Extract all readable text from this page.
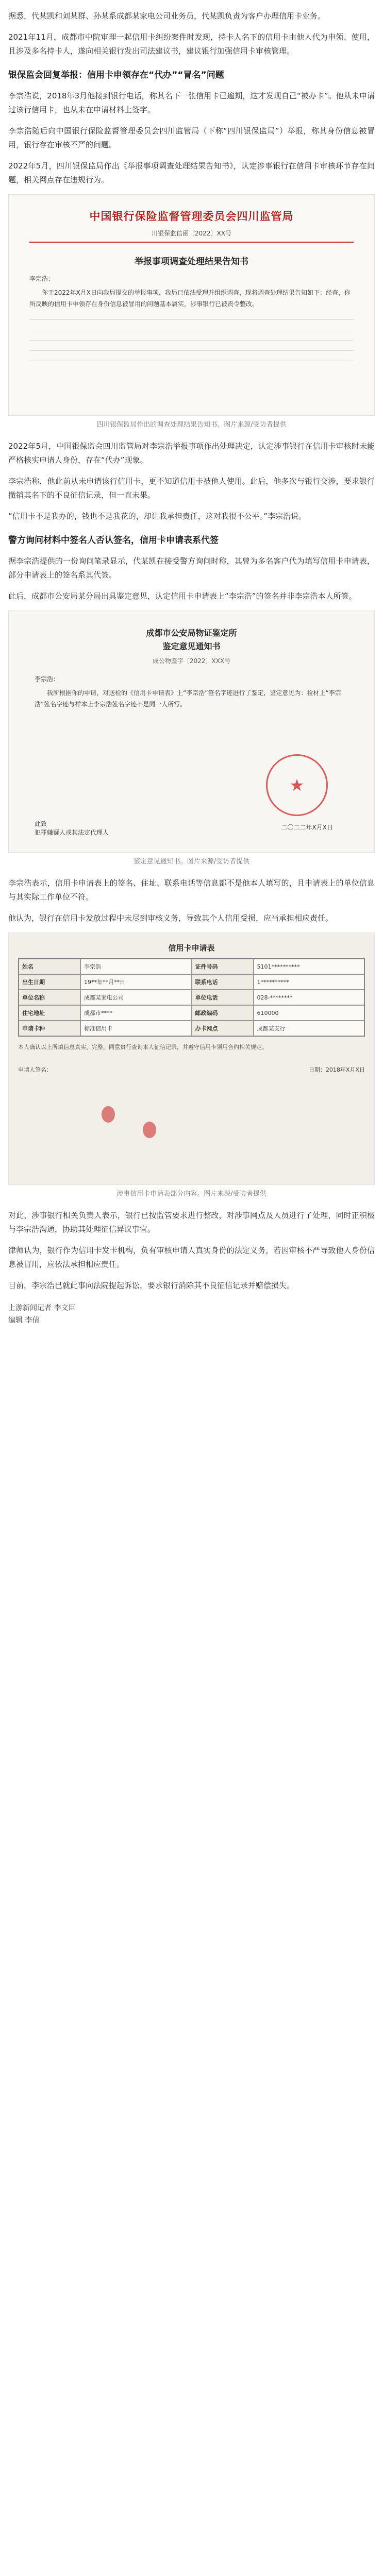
据悉，代某凯和刘某群、孙某系成都某家电公司业务员，代某凯负责为客户办理信用卡业务。

2021年11月，成都市中院审理一起信用卡纠纷案件时发现，持卡人名下的信用卡由他人代为申领、使用，且涉及多名持卡人，遂向相关银行发出司法建议书，建议银行加强信用卡审核管理。

银保监会回复举报：信用卡申领存在“代办”“冒名”问题

李宗浩说，2018年3月他接到银行电话，称其名下一张信用卡已逾期，这才发现自己“被办卡”。他从未申请过该行信用卡，也从未在申请材料上签字。

李宗浩随后向中国银行保险监督管理委员会四川监管局（下称“四川银保监局”）举报，称其身份信息被冒用，银行存在审核不严的问题。

2022年5月，四川银保监局作出《举报事项调查处理结果告知书》，认定涉事银行在信用卡审核环节存在问题，相关网点存在违规行为。

中国银行保险监督管理委员会四川监管局
川银保监信函〔2022〕XX号
举报事项调查处理结果告知书
李宗浩：
你于2022年X月X日向我局提交的举报事项，我局已依法受理并组织调查，现将调查处理结果告知如下：经查，你所反映的信用卡申领存在身份信息被冒用的问题基本属实，涉事银行已被责令整改。
四川银保监局作出的调查处理结果告知书。图片来源/受访者提供

2022年5月，中国银保监会四川监管局对李宗浩举报事项作出处理决定，认定涉事银行在信用卡审核时未能严格核实申请人身份，存在“代办”现象。

李宗浩称，他此前从未申请该行信用卡，更不知道信用卡被他人使用。此后，他多次与银行交涉，要求银行撤销其名下的不良征信记录，但一直未果。

“信用卡不是我办的，钱也不是我花的，却让我承担责任，这对我很不公平。”李宗浩说。

警方询问材料中签名人否认签名，信用卡申请表系代签

据李宗浩提供的一份询问笔录显示，代某凯在接受警方询问时称，其曾为多名客户代为填写信用卡申请表，部分申请表上的签名系其代签。

此后，成都市公安局某分局出具鉴定意见，认定信用卡申请表上“李宗浩”的签名并非李宗浩本人所签。

成都市公安局物证鉴定所
鉴定意见通知书
成公物鉴字〔2022〕XXX号
李宗浩：
我所根据你的申请，对送检的《信用卡申请表》上“李宗浩”签名字迹进行了鉴定，鉴定意见为：检材上“李宗浩”签名字迹与样本上李宗浩签名字迹不是同一人所写。
★
二〇二二年X月X日
此致
犯罪嫌疑人或其法定代理人
鉴定意见通知书。图片来源/受访者提供

李宗浩表示，信用卡申请表上的签名、住址、联系电话等信息都不是他本人填写的，且申请表上的单位信息与其实际工作单位不符。

他认为，银行在信用卡发放过程中未尽到审核义务，导致其个人信用受损，应当承担相应责任。

信用卡申请表
姓名	李宗浩	证件号码	5101**********
出生日期	19**年**月**日	联系电话	1**********
单位名称	成都某家电公司	单位电话	028-********
住宅地址	成都市****	邮政编码	610000
申请卡种	标准信用卡	办卡网点	成都某支行
本人确认以上所填信息真实、完整，同意贵行查询本人征信记录，并遵守信用卡领用合约相关规定。
申请人签名：	日期：2018年X月X日
涉事信用卡申请表部分内容。图片来源/受访者提供

对此，涉事银行相关负责人表示，银行已按监管要求进行整改，对涉事网点及人员进行了处理，同时正积极与李宗浩沟通，协助其处理征信异议事宜。

律师认为，银行作为信用卡发卡机构，负有审核申请人真实身份的法定义务，若因审核不严导致他人身份信息被冒用，应依法承担相应责任。

目前，李宗浩已就此事向法院提起诉讼，要求银行消除其不良征信记录并赔偿损失。

上游新闻记者 李文臣
编辑 李倩
